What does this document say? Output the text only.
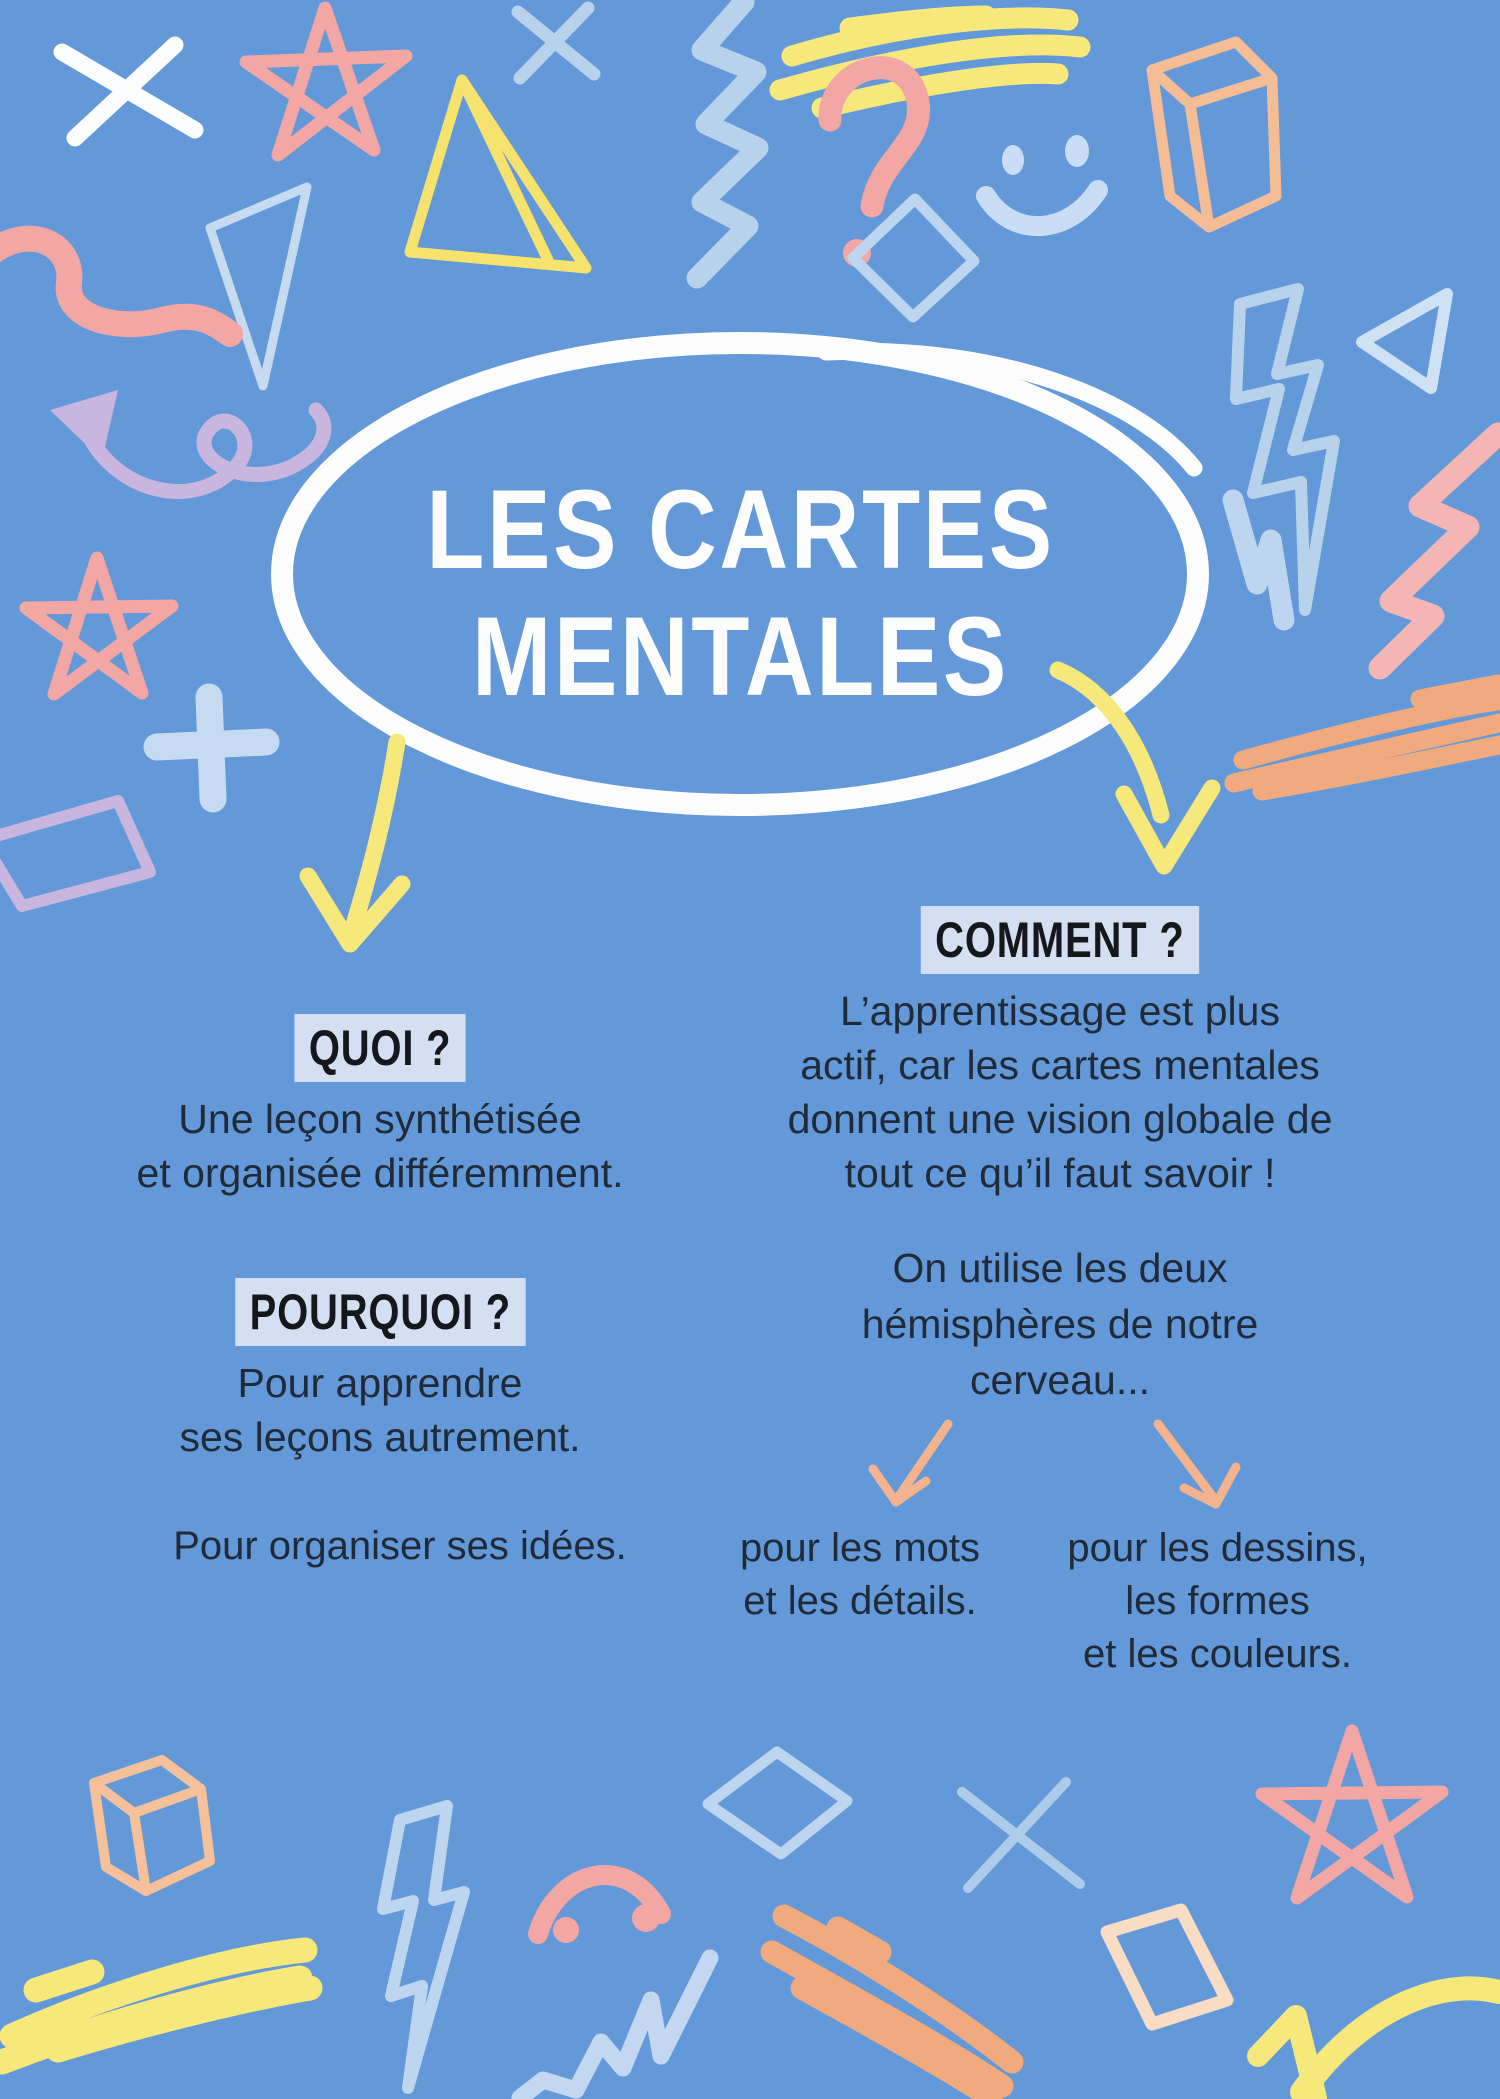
LES CARTES
MENTALES
QUOI ?

Une leçon synthétisée
et organisée différemment.

POURQUOI ?

Pour apprendre
ses leçons autrement.

Pour organiser ses idées.

COMMENT ?

L’apprentissage est plus
actif, car les cartes mentales
donnent une vision globale de
tout ce qu’il faut savoir !

On utilise les deux
hémisphères de notre
cerveau...

pour les mots
et les détails.

pour les dessins,
les formes
et les couleurs.
